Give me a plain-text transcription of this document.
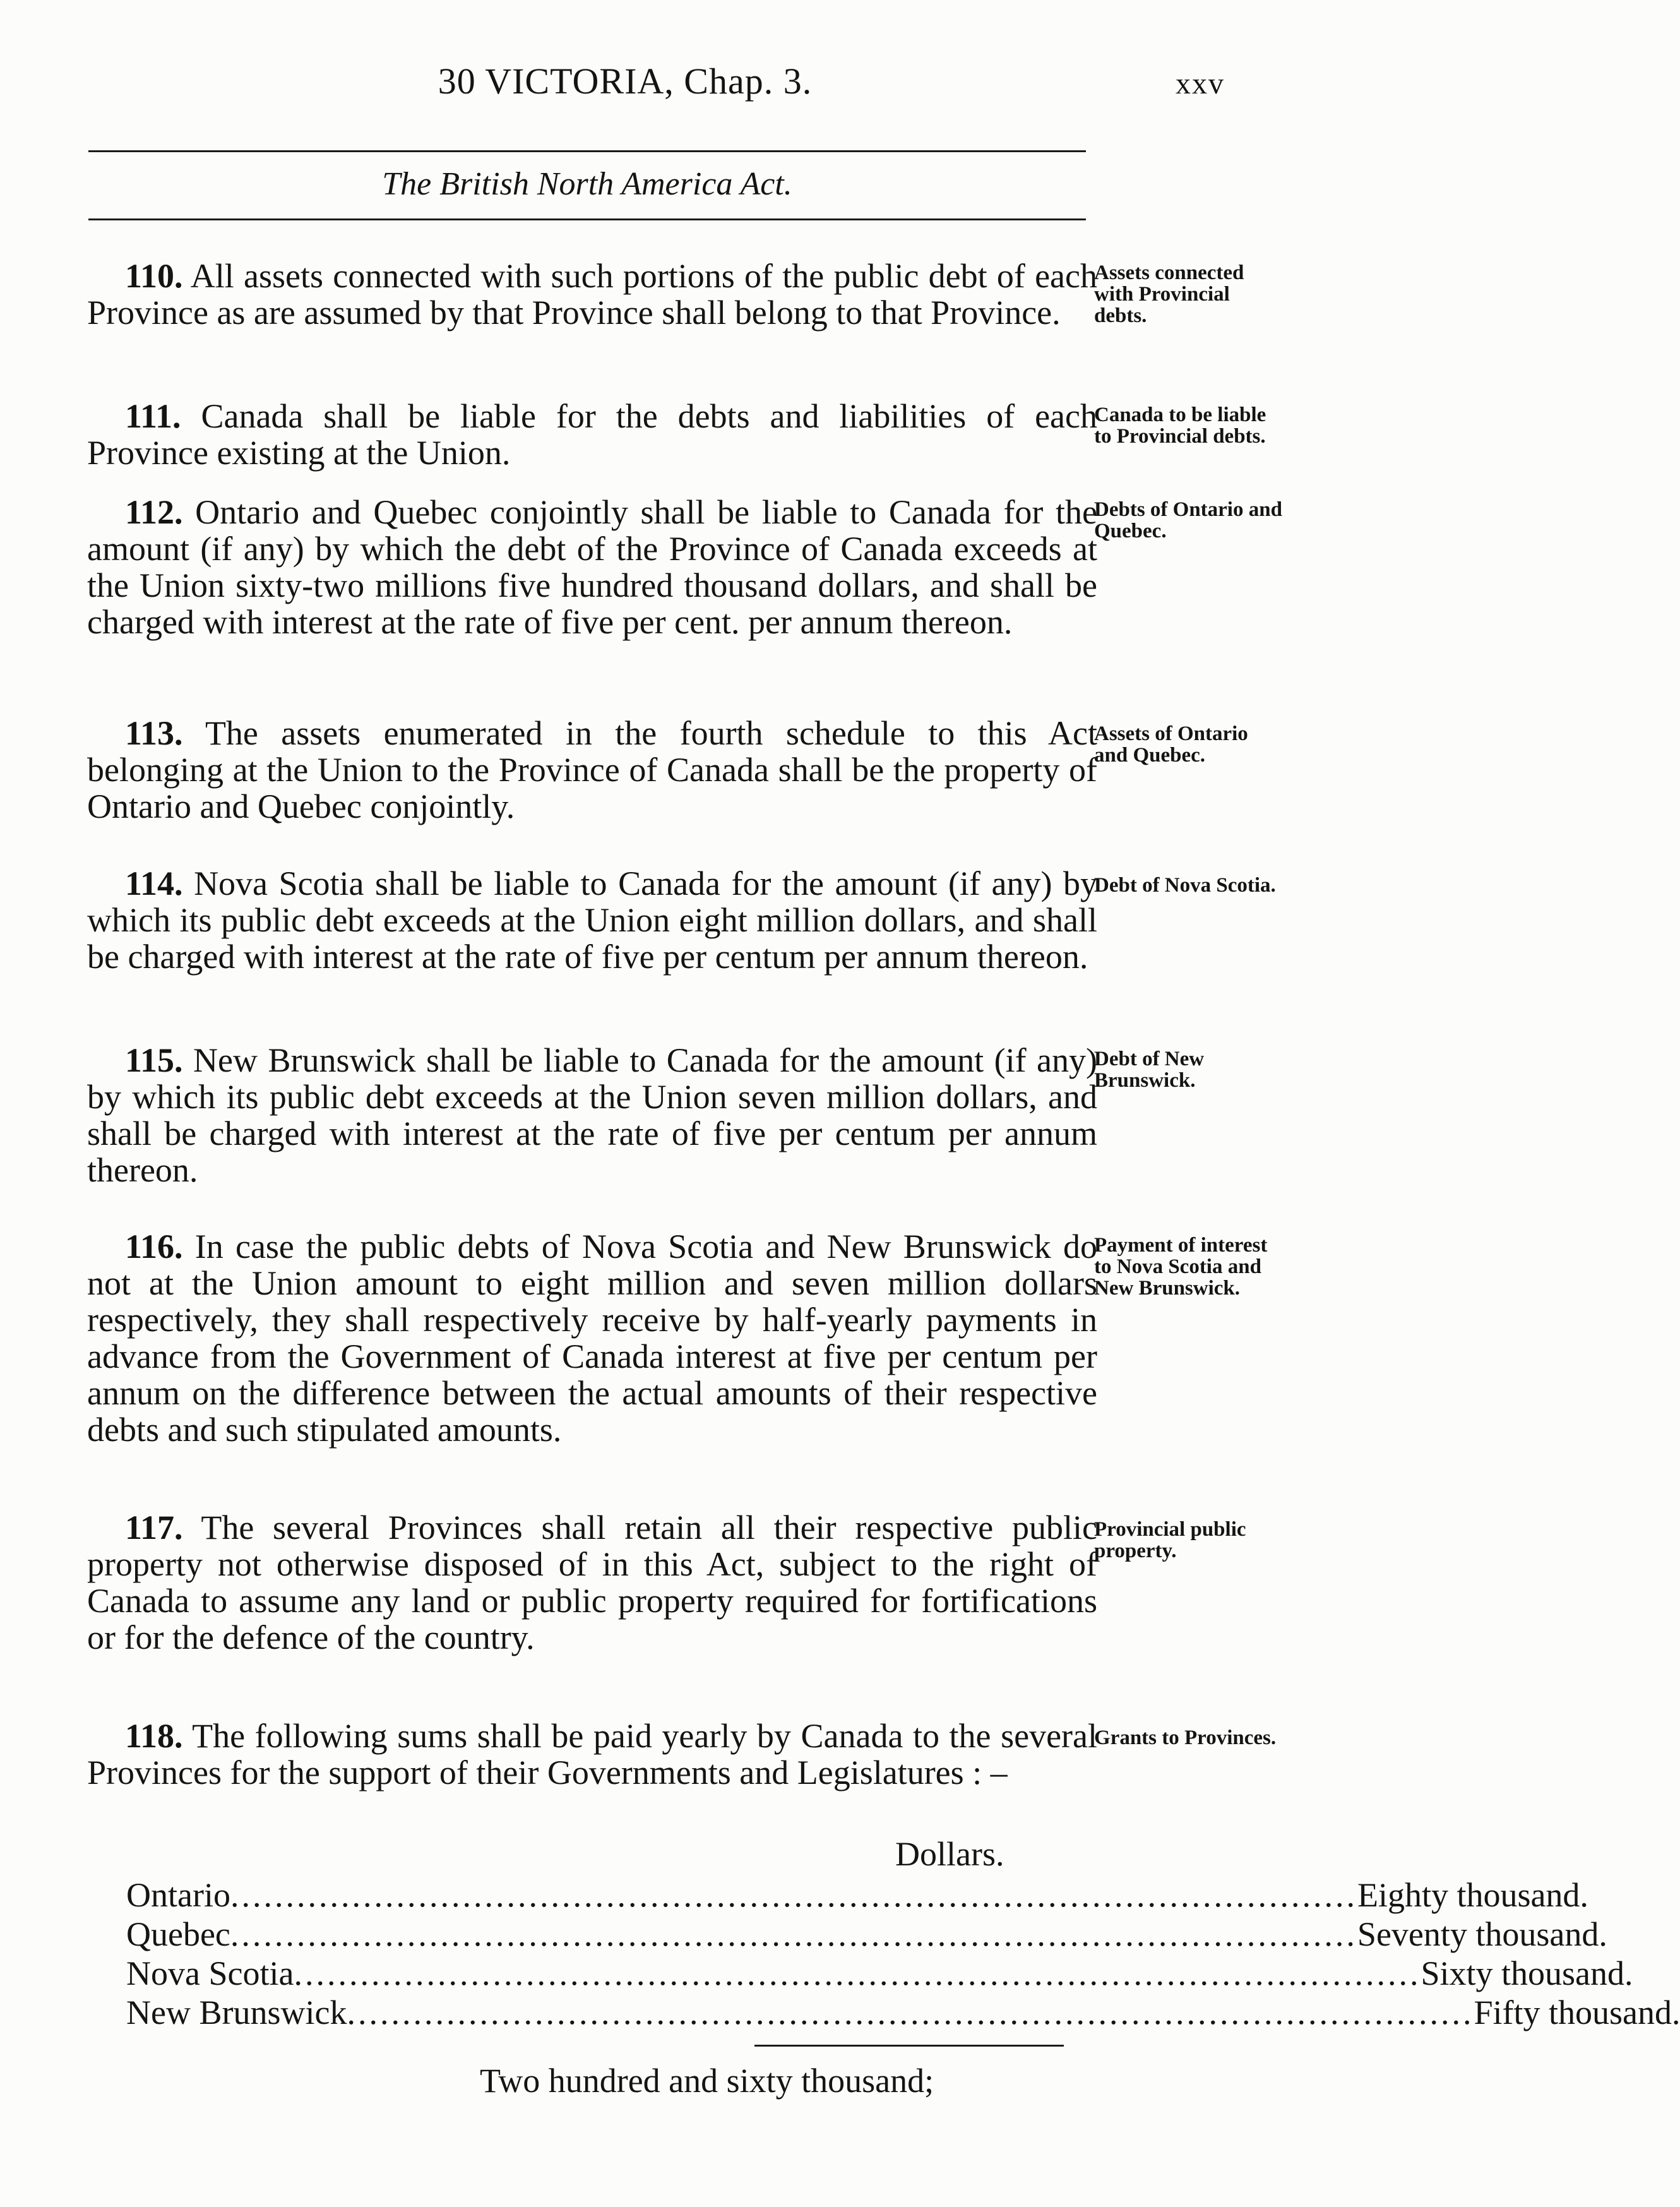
30 VICTORIA, Chap. 3.	xxv
The British North America Act.

110. All assets connected with such portions of the public debt of each Province as are assumed by that Province shall belong to that Province.

Assets connected with Provincial debts.

111. Canada shall be liable for the debts and liabilities of each Province existing at the Union.

Canada to be liable to Provincial debts.

112. Ontario and Quebec conjointly shall be liable to Canada for the amount (if any) by which the debt of the Province of Canada exceeds at the Union sixty-two millions five hundred thousand dollars, and shall be charged with interest at the rate of five per cent. per annum thereon.

Debts of Ontario and Quebec.

113. The assets enumerated in the fourth schedule to this Act belonging at the Union to the Province of Canada shall be the property of Ontario and Quebec conjointly.

Assets of Ontario and Quebec.

114. Nova Scotia shall be liable to Canada for the amount (if any) by which its public debt exceeds at the Union eight million dollars, and shall be charged with interest at the rate of five per centum per annum thereon.

Debt of Nova Scotia.

115. New Brunswick shall be liable to Canada for the amount (if any) by which its public debt exceeds at the Union seven million dollars, and shall be charged with interest at the rate of five per centum per annum thereon.

Debt of New Brunswick.

116. In case the public debts of Nova Scotia and New Brunswick do not at the Union amount to eight million and seven million dollars respectively, they shall respectively receive by half-yearly payments in advance from the Government of Canada interest at five per centum per annum on the difference between the actual amounts of their respective debts and such stipulated amounts.

Payment of interest to Nova Scotia and New Brunswick.

117. The several Provinces shall retain all their respective public property not otherwise disposed of in this Act, subject to the right of Canada to assume any land or public property required for fortifications or for the defence of the country.

Provincial public property.

118. The following sums shall be paid yearly by Canada to the several Provinces for the support of their Governments and Legislatures : –

Grants to Provinces.
Dollars.
Ontario ...................................................................................................... Eighty thousand.
Quebec ...................................................................................................... Seventy thousand.
Nova Scotia ...................................................................................................... Sixty thousand.
New Brunswick ...................................................................................................... Fifty thousand.
Two hundred and sixty thousand;
